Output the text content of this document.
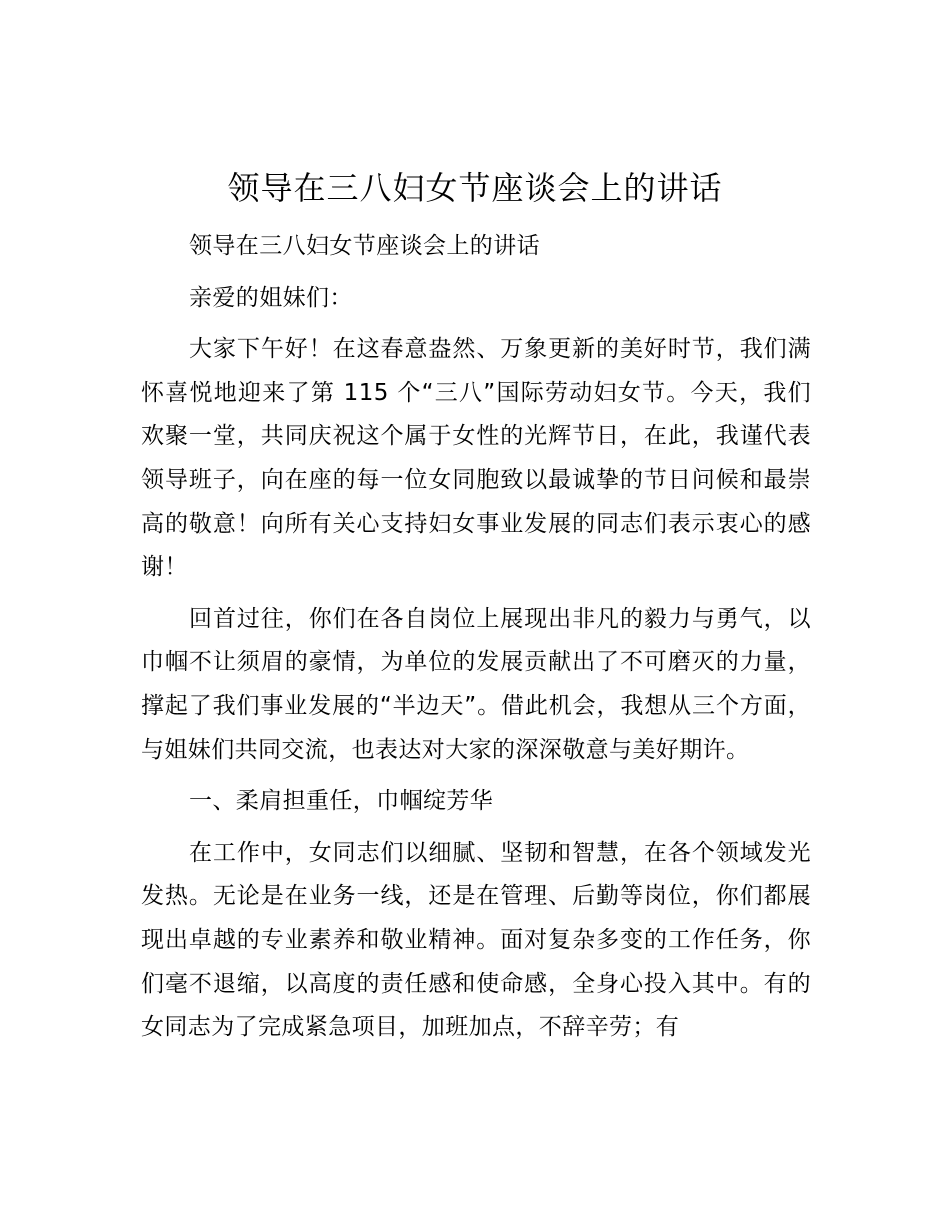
领导在三八妇女节座谈会上的讲话

领导在三八妇女节座谈会上的讲话

亲爱的姐妹们：

大家下午好！在这春意盎然、万象更新的美好时节，我们满怀喜悦地迎来了第 115 个“三八”国际劳动妇女节。今天，我们欢聚一堂，共同庆祝这个属于女性的光辉节日，在此，我谨代表领导班子，向在座的每一位女同胞致以最诚挚的节日问候和最崇高的敬意！向所有关心支持妇女事业发展的同志们表示衷心的感谢！

回首过往，你们在各自岗位上展现出非凡的毅力与勇气，以巾帼不让须眉的豪情，为单位的发展贡献出了不可磨灭的力量，撑起了我们事业发展的“半边天”。借此机会，我想从三个方面，与姐妹们共同交流，也表达对大家的深深敬意与美好期许。

一、柔肩担重任，巾帼绽芳华

在工作中，女同志们以细腻、坚韧和智慧，在各个领域发光发热。无论是在业务一线，还是在管理、后勤等岗位，你们都展现出卓越的专业素养和敬业精神。面对复杂多变的工作任务，你们毫不退缩，以高度的责任感和使命感，全身心投入其中。有的女同志为了完成紧急项目，加班加点，不辞辛劳；有
